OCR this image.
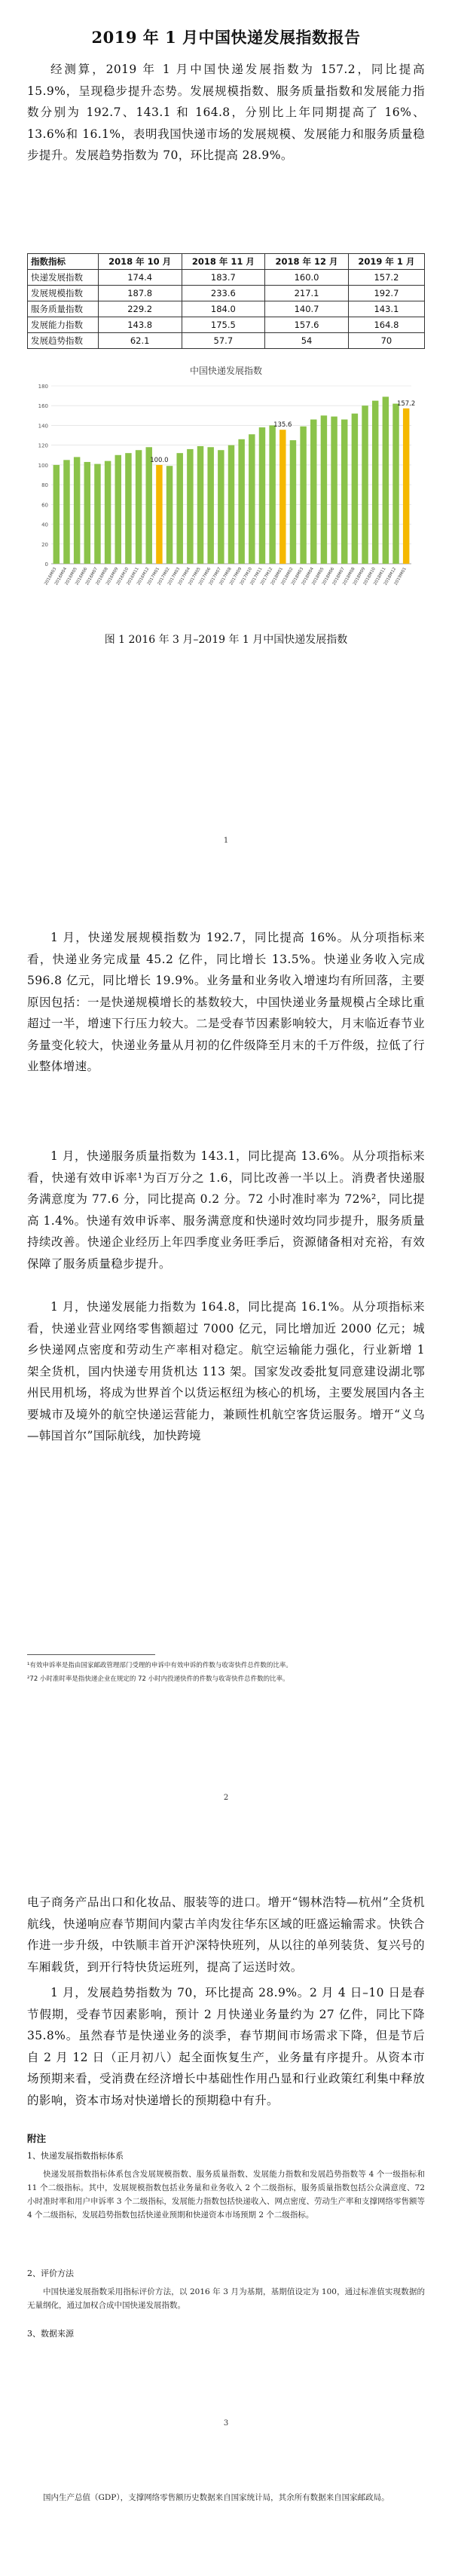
2019 年 1 月中国快递发展指数报告

经测算，2019 年 1 月中国快递发展指数为 157.2，同比提高 15.9%，呈现稳步提升态势。发展规模指数、服务质量指数和发展能力指数分别为 192.7、143.1 和 164.8，分别比上年同期提高了 16%、13.6%和 16.1%，表明我国快递市场的发展规模、发展能力和服务质量稳步提升。发展趋势指数为 70，环比提高 28.9%。

指数指标	2018 年 10 月	2018 年 11 月	2018 年 12 月	2019 年 1 月
快递发展指数	174.4	183.7	160.0	157.2
发展规模指数	187.8	233.6	217.1	192.7
服务质量指数	229.2	184.0	140.7	143.1
发展能力指数	143.8	175.5	157.6	164.8
发展趋势指数	62.1	57.7	54	70
中国快递发展指数
0
20
40
60
80
100
120
140
160
180
100.0
135.6
157.2
2016M03
2016M04
2016M05
2016M06
2016M07
2016M08
2016M09
2016M10
2016M11
2016M12
2017M01
2017M02
2017M03
2017M04
2017M05
2017M06
2017M07
2017M08
2017M09
2017M10
2017M11
2017M12
2018M01
2018M02
2018M03
2018M04
2018M05
2018M06
2018M07
2018M08
2018M09
2018M10
2018M11
2018M12
2019M01
图 1 2016 年 3 月–2019 年 1 月中国快递发展指数
1

1 月，快递发展规模指数为 192.7，同比提高 16%。从分项指标来看，快递业务完成量 45.2 亿件，同比增长 13.5%。快递业务收入完成 596.8 亿元，同比增长 19.9%。业务量和业务收入增速均有所回落，主要原因包括：一是快递规模增长的基数较大，中国快递业务量规模占全球比重超过一半，增速下行压力较大。二是受春节因素影响较大，月末临近春节业务量变化较大，快递业务量从月初的亿件级降至月末的千万件级，拉低了行业整体增速。

1 月，快递服务质量指数为 143.1，同比提高 13.6%。从分项指标来看，快递有效申诉率¹为百万分之 1.6，同比改善一半以上。消费者快递服务满意度为 77.6 分，同比提高 0.2 分。72 小时准时率为 72%²，同比提高 1.4%。快递有效申诉率、服务满意度和快递时效均同步提升，服务质量持续改善。快递企业经历上年四季度业务旺季后，资源储备相对充裕，有效保障了服务质量稳步提升。

1 月，快递发展能力指数为 164.8，同比提高 16.1%。从分项指标来看，快递业营业网络零售额超过 7000 亿元，同比增加近 2000 亿元；城乡快递网点密度和劳动生产率相对稳定。航空运输能力强化，行业新增 1 架全货机，国内快递专用货机达 113 架。国家发改委批复同意建设湖北鄂州民用机场，将成为世界首个以货运枢纽为核心的机场，主要发展国内各主要城市及境外的航空快递运营能力，兼顾性机航空客货运服务。增开“义乌—韩国首尔”国际航线，加快跨境

¹有效申诉率是指由国家邮政管理部门受理的申诉中有效申诉的件数与收寄快件总件数的比率。

²72 小时准时率是指快递企业在规定的 72 小时内投递快件的件数与收寄快件总件数的比率。

2

电子商务产品出口和化妆品、服装等的进口。增开“锡林浩特—杭州”全货机航线，快递响应春节期间内蒙古羊肉发往华东区域的旺盛运输需求。快铁合作进一步升级，中铁顺丰首开沪深特快班列，从以往的单列装货、复兴号的车厢载货，到开行特快货运班列，提高了运送时效。

1 月，发展趋势指数为 70，环比提高 28.9%。2 月 4 日–10 日是春节假期，受春节因素影响，预计 2 月快递业务量约为 27 亿件，同比下降 35.8%。虽然春节是快递业务的淡季，春节期间市场需求下降，但是节后自 2 月 12 日（正月初八）起全面恢复生产，业务量有序提升。从资本市场预期来看，受消费在经济增长中基础性作用凸显和行业政策红利集中释放的影响，资本市场对快递增长的预期稳中有升。

附注

1、快递发展指数指标体系

快递发展指数指标体系包含发展规模指数、服务质量指数、发展能力指数和发展趋势指数等 4 个一级指标和 11 个二级指标。其中，发展规模指数包括业务量和业务收入 2 个二级指标，服务质量指数包括公众满意度、72 小时准时率和用户申诉率 3 个二级指标，发展能力指数包括快递收入、网点密度、劳动生产率和支撑网络零售额等 4 个二级指标，发展趋势指数包括快递业预期和快递资本市场预期 2 个二级指标。

2、评价方法

中国快递发展指数采用指标评价方法，以 2016 年 3 月为基期，基期值设定为 100，通过标准值实现数据的无量纲化，通过加权合成中国快递发展指数。

3、数据来源

3

国内生产总值（GDP），支撑网络零售额历史数据来自国家统计局，其余所有数据来自国家邮政局。
